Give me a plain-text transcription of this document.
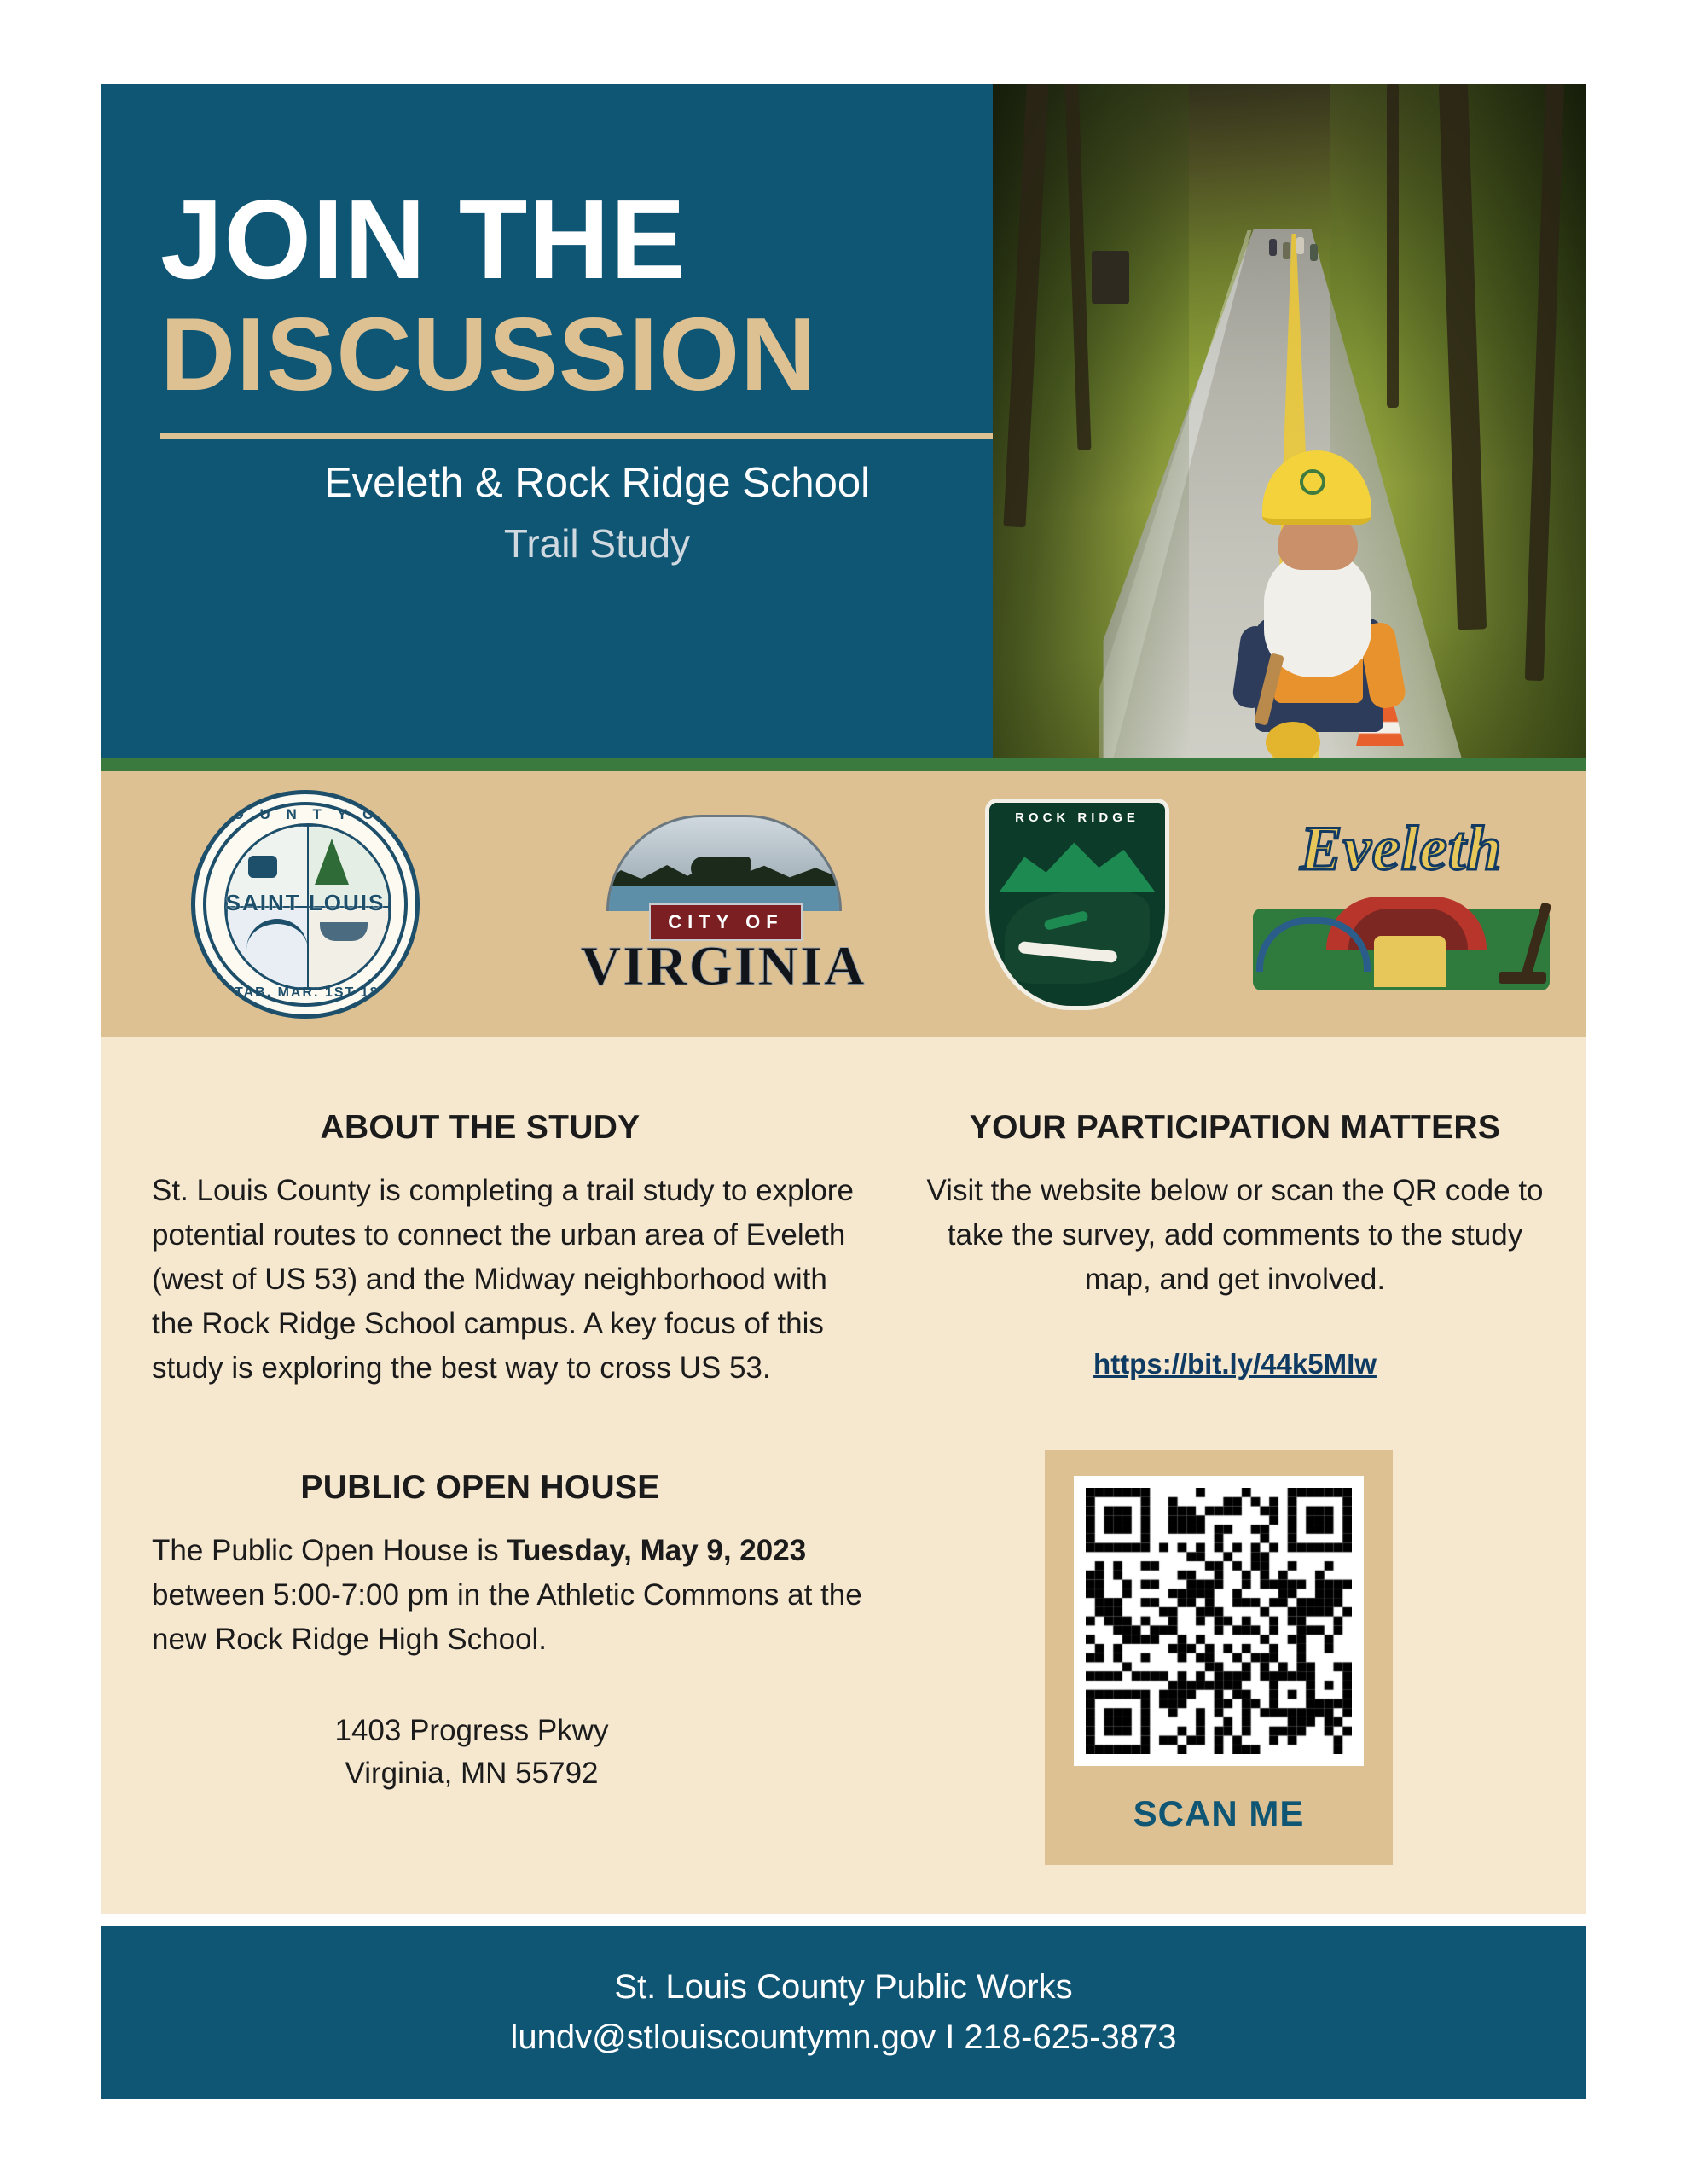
JOIN THE
DISCUSSION
Eveleth & Rock Ridge School
Trail Study
C O U N T Y O F
SAINT LOUIS
ESTAB. MAR. 1ST 1856
CITY OF
VIRGINIA
ROCK RIDGE	Eveleth
ABOUT THE STUDY

St. Louis County is completing a trail study to explore potential routes to connect the urban area of Eveleth (west of US 53) and the Midway neighborhood with the Rock Ridge School campus. A key focus of this study is exploring the best way to cross US 53.

PUBLIC OPEN HOUSE

The Public Open House is Tuesday, May 9, 2023 between 5:00-7:00 pm in the Athletic Commons at the new Rock Ridge High School.

1403 Progress Pkwy
Virginia, MN 55792
YOUR PARTICIPATION MATTERS

Visit the website below or scan the QR code to take the survey, add comments to the study map, and get involved.

https://bit.ly/44k5MIw
SCAN ME
St. Louis County Public Works
lundv@stlouiscountymn.gov I 218-625-3873
